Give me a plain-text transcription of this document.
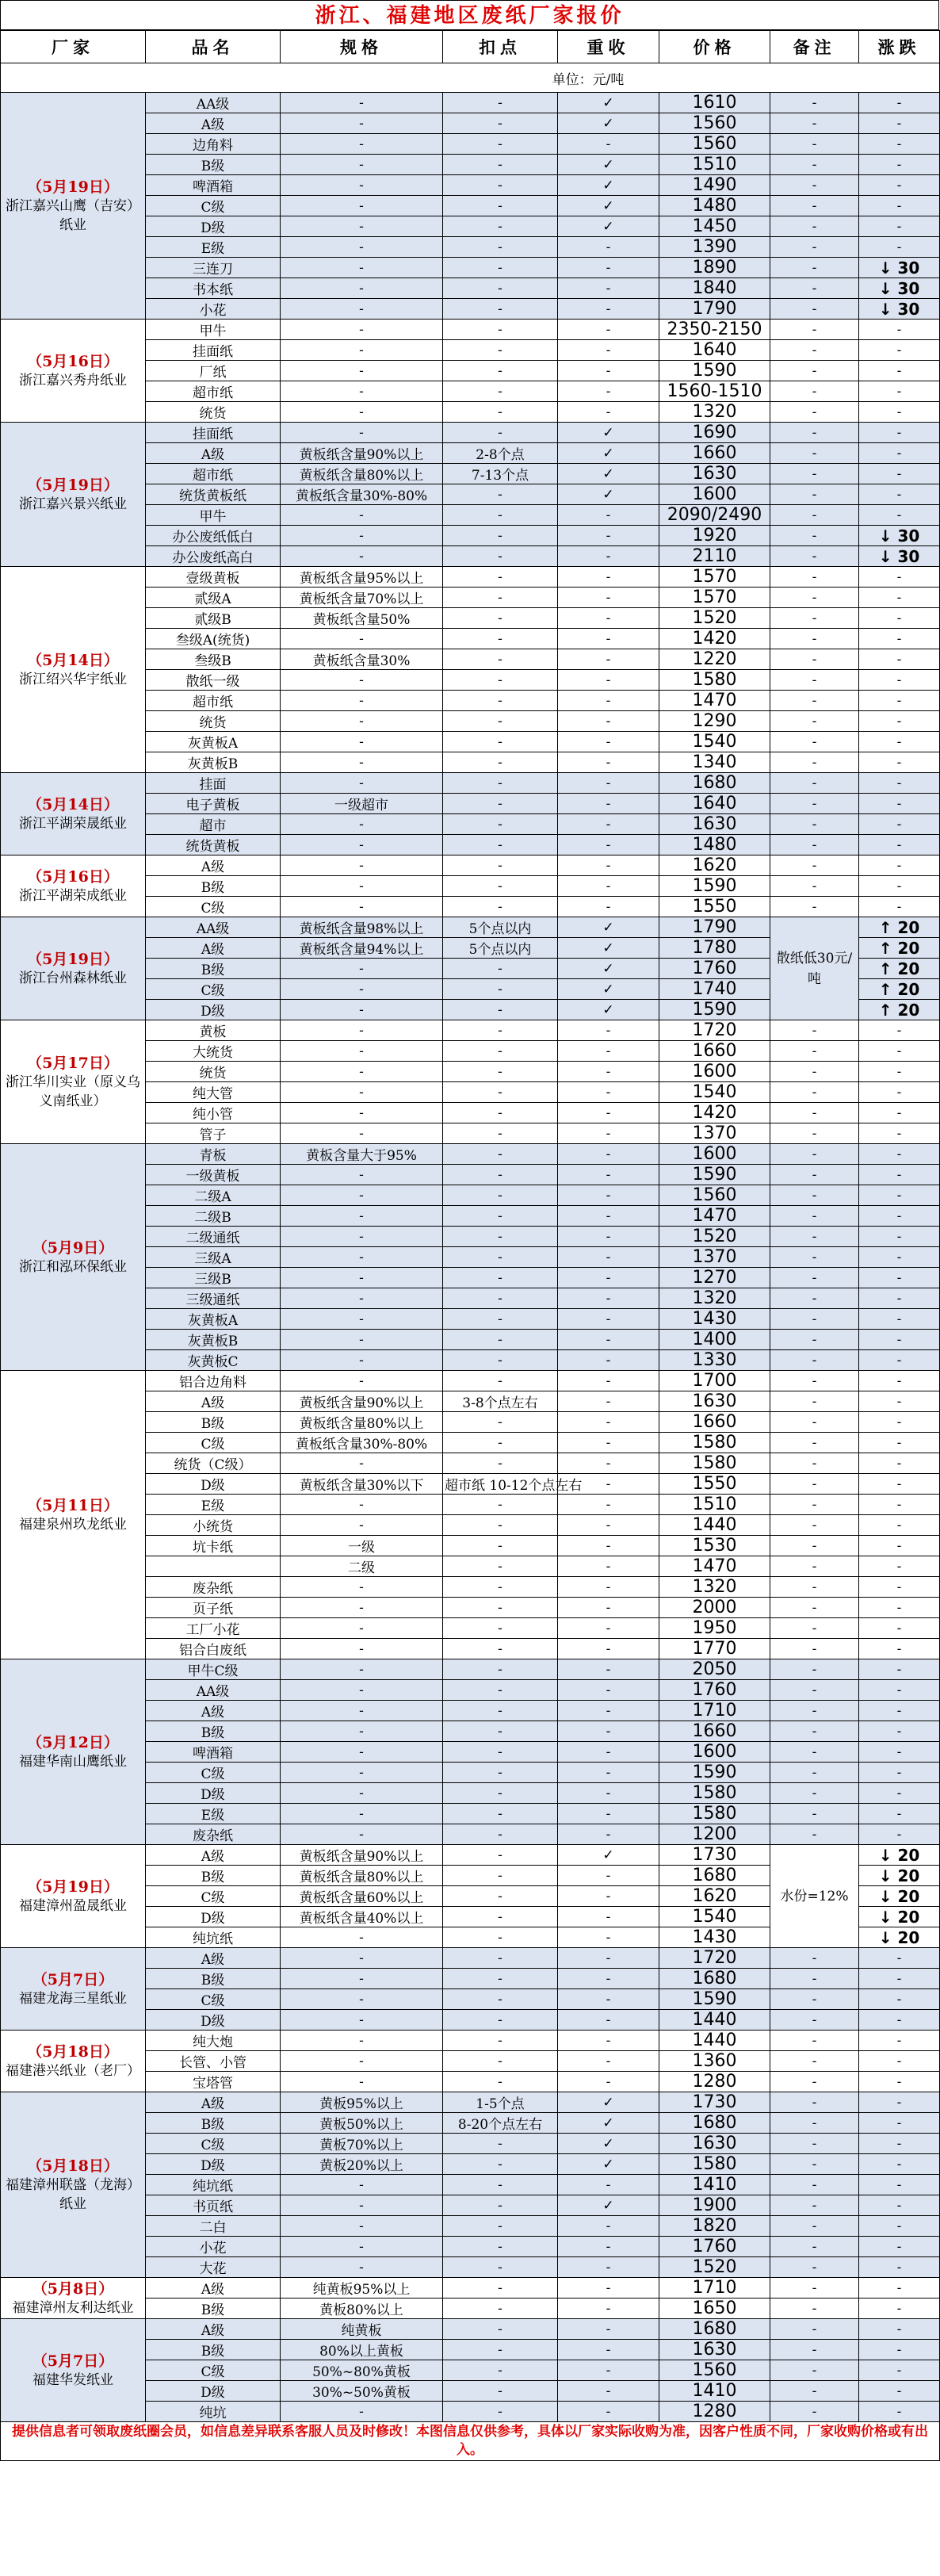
浙江、福建地区废纸厂家报价
厂家	品名	规格	扣点	重收	价格	备注	涨跌
单位：元/吨							

（5月19日）
浙江嘉兴山鹰（吉安）纸业	AA级	-	-	✓	1610	-	-
	A级	-	-	✓	1560	-	-
	边角料	-	-	-	1560	-	-
	B级	-	-	✓	1510	-	-
	啤酒箱	-	-	✓	1490	-	-
	C级	-	-	✓	1480	-	-
	D级	-	-	✓	1450	-	-
	E级	-	-	-	1390	-	-
	三连刀	-	-	-	1890	-	↓ 30
	书本纸	-	-	-	1840	-	↓ 30
	小花	-	-	-	1790	-	↓ 30

（5月16日）
浙江嘉兴秀舟纸业	甲牛	-	-	-	2350-2150	-	-
	挂面纸	-	-	-	1640	-	-
	厂纸	-	-	-	1590	-	-
	超市纸	-	-	-	1560-1510	-	-
	统货	-	-	-	1320	-	-

（5月19日）
浙江嘉兴景兴纸业	挂面纸	-	-	✓	1690	-	-
	A级	黄板纸含量90%以上	2-8个点	✓	1660	-	-
	超市纸	黄板纸含量80%以上	7-13个点	✓	1630	-	-
	统货黄板纸	黄板纸含量30%-80%	-	✓	1600	-	-
	甲牛	-	-	-	2090/2490	-	-
	办公废纸低白	-	-	-	1920	-	↓ 30
	办公废纸高白	-	-	-	2110	-	↓ 30

（5月14日）
浙江绍兴华宇纸业	壹级黄板	黄板纸含量95%以上	-	-	1570	-	-
	贰级A	黄板纸含量70%以上	-	-	1570	-	-
	贰级B	黄板纸含量50%	-	-	1520	-	-
	叁级A(统货)	-	-	-	1420	-	-
	叁级B	黄板纸含量30%	-	-	1220	-	-
	散纸一级	-	-	-	1580	-	-
	超市纸	-	-	-	1470	-	-
	统货	-	-	-	1290	-	-
	灰黄板A	-	-	-	1540	-	-
	灰黄板B	-	-	-	1340	-	-

（5月14日）
浙江平湖荣晟纸业	挂面	-	-	-	1680	-	-
	电子黄板	一级超市	-	-	1640	-	-
	超市	-	-	-	1630	-	-
	统货黄板	-	-	-	1480	-	-

（5月16日）
浙江平湖荣成纸业	A级	-	-	-	1620	-	-
	B级	-	-	-	1590	-	-
	C级	-	-	-	1550	-	-

（5月19日）
浙江台州森林纸业	AA级	黄板纸含量98%以上	5个点以内	✓	1790	散纸低30元/吨	↑ 20
	A级	黄板纸含量94%以上	5个点以内	✓	1780		↑ 20
	B级	-	-	✓	1760		↑ 20
	C级	-	-	✓	1740		↑ 20
	D级	-	-	✓	1590		↑ 20

（5月17日）
浙江华川实业（原义乌义南纸业）	黄板	-	-	-	1720	-	-
	大统货	-	-	-	1660	-	-
	统货	-	-	-	1600	-	-
	纯大管	-	-	-	1540	-	-
	纯小管	-	-	-	1420	-	-
	管子	-	-	-	1370	-	-

（5月9日）
浙江和泓环保纸业	青板	黄板含量大于95%	-	-	1600	-	-
	一级黄板	-	-	-	1590	-	-
	二级A	-	-	-	1560	-	-
	二级B	-	-	-	1470	-	-
	二级通纸	-	-	-	1520	-	-
	三级A	-	-	-	1370	-	-
	三级B	-	-	-	1270	-	-
	三级通纸	-	-	-	1320	-	-
	灰黄板A	-	-	-	1430	-	-
	灰黄板B	-	-	-	1400	-	-
	灰黄板C	-	-	-	1330	-	-

（5月11日）
福建泉州玖龙纸业	铝合边角料	-	-	-	1700	-	-
	A级	黄板纸含量90%以上	3-8个点左右	-	1630	-	-
	B级	黄板纸含量80%以上	-	-	1660	-	-
	C级	黄板纸含量30%-80%	-	-	1580	-	-
	统货（C级）	-	-	-	1580	-	-
	D级	黄板纸含量30%以下	超市纸 10-12个点左右	-	1550	-	-
	E级	-	-	-	1510	-	-
	小统货	-	-	-	1440	-	-
	坑卡纸	一级	-	-	1530	-	-
		二级	-	-	1470	-	-
	废杂纸	-	-	-	1320	-	-
	页子纸	-	-	-	2000	-	-
	工厂小花	-	-	-	1950	-	-
	铝合白废纸	-	-	-	1770	-	-

（5月12日）
福建华南山鹰纸业	甲牛C级	-	-	-	2050	-	-
	AA级	-	-	-	1760	-	-
	A级	-	-	-	1710	-	-
	B级	-	-	-	1660	-	-
	啤酒箱	-	-	-	1600	-	-
	C级	-	-	-	1590	-	-
	D级	-	-	-	1580	-	-
	E级	-	-	-	1580	-	-
	废杂纸	-	-	-	1200	-	-

（5月19日）
福建漳州盈晟纸业	A级	黄板纸含量90%以上	-	✓	1730	水份=12%	↓ 20
	B级	黄板纸含量80%以上	-	-	1680		↓ 20
	C级	黄板纸含量60%以上	-	-	1620		↓ 20
	D级	黄板纸含量40%以上	-	-	1540		↓ 20
	纯坑纸	-	-	-	1430		↓ 20

（5月7日）
福建龙海三星纸业	A级	-	-	-	1720	-	-
	B级	-	-	-	1680	-	-
	C级	-	-	-	1590	-	-
	D级	-	-	-	1440	-	-

（5月18日）
福建港兴纸业（老厂）	纯大炮	-	-	-	1440	-	-
	长管、小管	-	-	-	1360	-	-
	宝塔管	-	-	-	1280	-	-

（5月18日）
福建漳州联盛（龙海）纸业	A级	黄板95%以上	1-5个点	✓	1730	-	-
	B级	黄板50%以上	8-20个点左右	✓	1680	-	-
	C级	黄板70%以上	-	✓	1630	-	-
	D级	黄板20%以上	-	✓	1580	-	-
	纯坑纸	-	-	-	1410	-	-
	书页纸	-	-	✓	1900	-	-
	二白	-	-	-	1820	-	-
	小花	-	-	-	1760	-	-
	大花	-	-	-	1520	-	-

（5月8日）
福建漳州友利达纸业	A级	纯黄板95%以上	-	-	1710	-	-
	B级	黄板80%以上	-	-	1650	-	-

（5月7日）
福建华发纸业	A级	纯黄板	-	-	1680	-	-
	B级	80%以上黄板	-	-	1630	-	-
	C级	50%~80%黄板	-	-	1560	-	-
	D级	30%~50%黄板	-	-	1410	-	-
	纯坑	-	-	-	1280	-	-
提供信息者可领取废纸圈会员，如信息差异联系客服人员及时修改！本图信息仅供参考，具体以厂家实际收购为准，因客户性质不同，厂家收购价格或有出入。							
